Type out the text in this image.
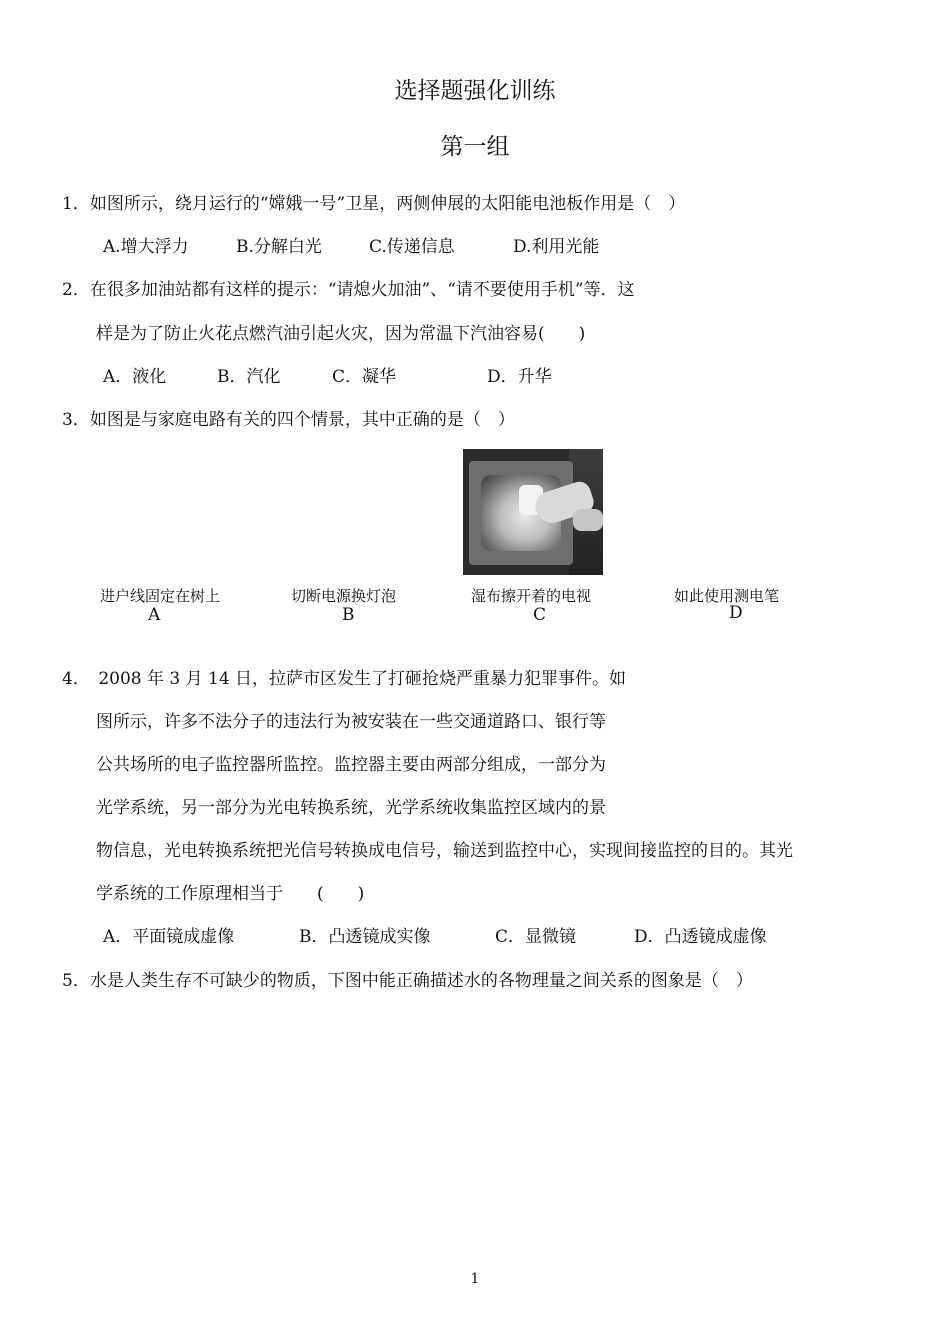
选择题强化训练
第一组
1．如图所示，绕月运行的“嫦娥一号”卫星，两侧伸展的太阳能电池板作用是（　）
A.增大浮力	B.分解白光	C.传递信息	D.利用光能
2．在很多加油站都有这样的提示：“请熄火加油”、“请不要使用手机”等．这
样是为了防止火花点燃汽油引起火灾，因为常温下汽油容易(　　)
A．液化	B．汽化	C．凝华	D．升华
3．如图是与家庭电路有关的四个情景，其中正确的是（　）
进户线固定在树上	切断电源换灯泡	湿布擦开着的电视	如此使用测电笔
A	B	C	D
4．　2008 年 3 月 14 日，拉萨市区发生了打砸抢烧严重暴力犯罪事件。如
图所示，许多不法分子的违法行为被安装在一些交通道路口、银行等
公共场所的电子监控器所监控。监控器主要由两部分组成，一部分为
光学系统，另一部分为光电转换系统，光学系统收集监控区域内的景
物信息，光电转换系统把光信号转换成电信号，输送到监控中心，实现间接监控的目的。其光
学系统的工作原理相当于　　(　　)
A．平面镜成虚像	B．凸透镜成实像	C．显微镜	D．凸透镜成虚像
5．水是人类生存不可缺少的物质，下图中能正确描述水的各物理量之间关系的图象是（　）
1
